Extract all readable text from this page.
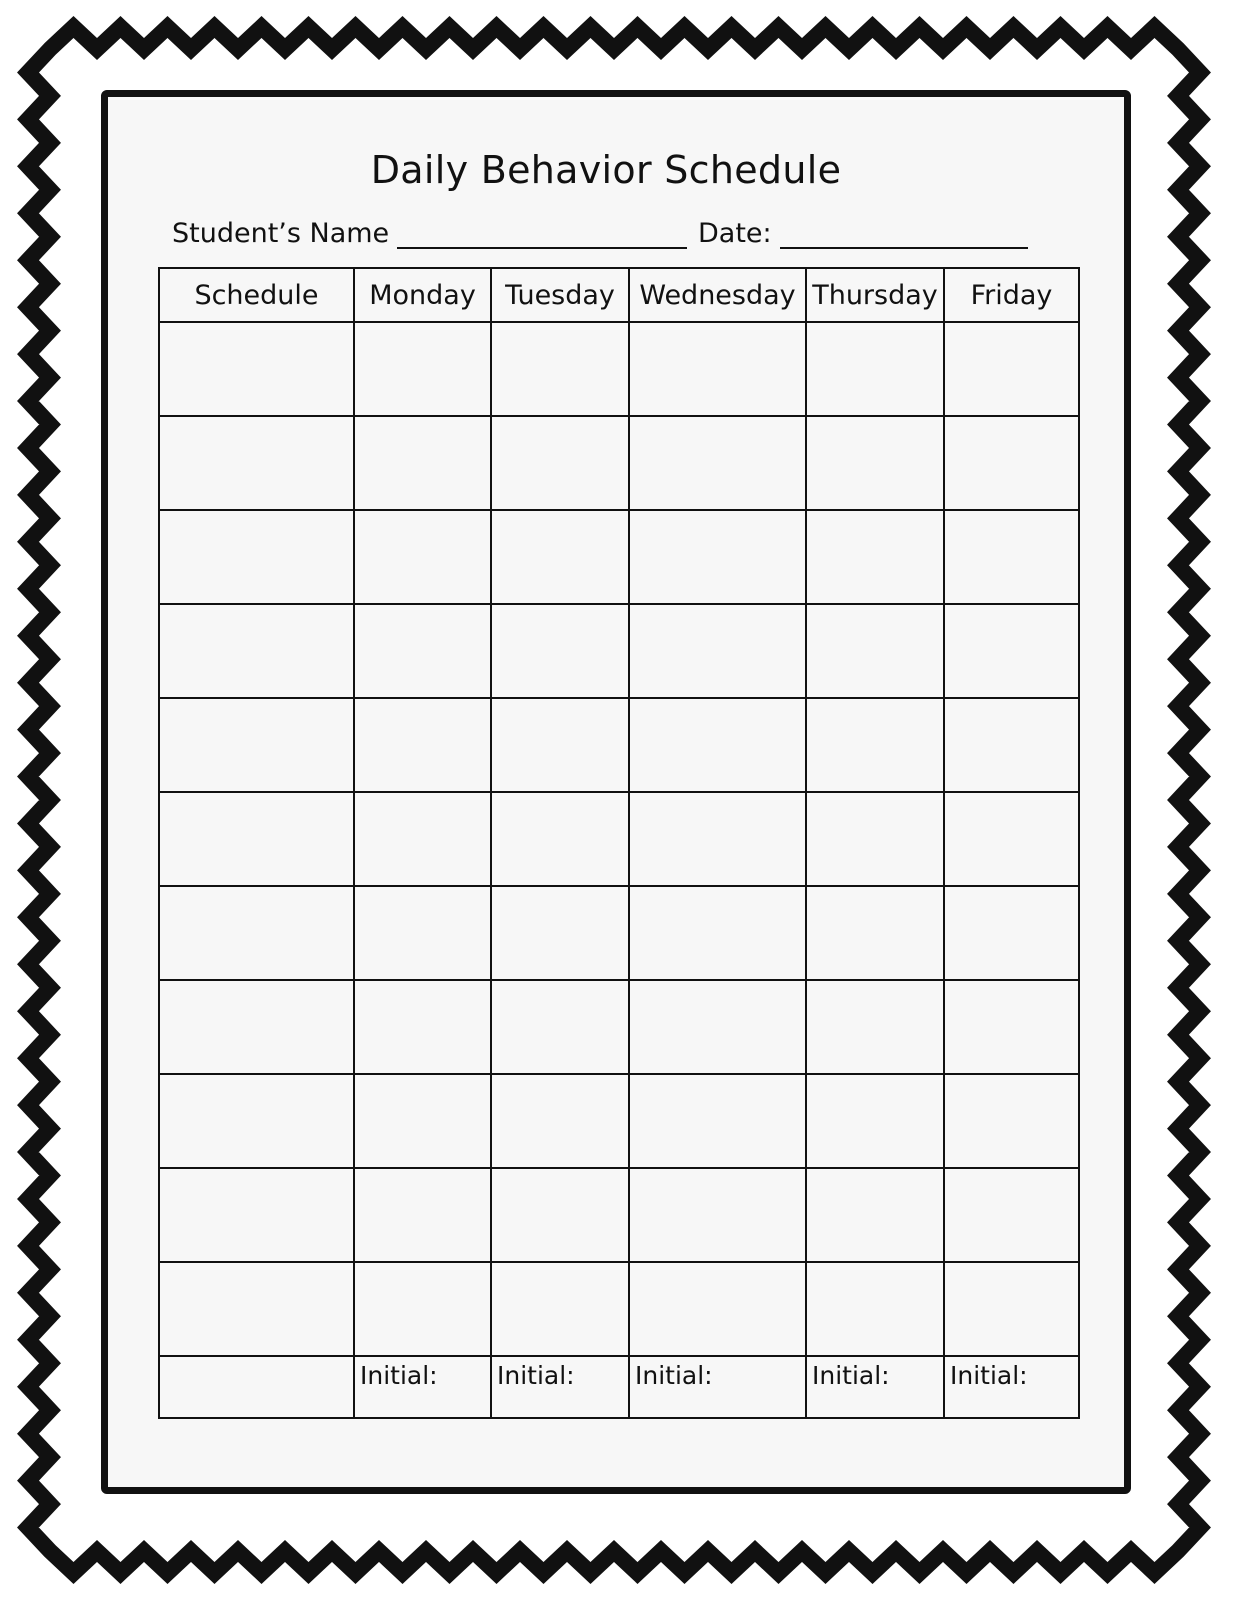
Daily Behavior Schedule
Student’s Name	Date:
Schedule	Monday	Tuesday	Wednesday	Thursday	Friday

	Initial:	Initial:	Initial:	Initial:	Initial:
